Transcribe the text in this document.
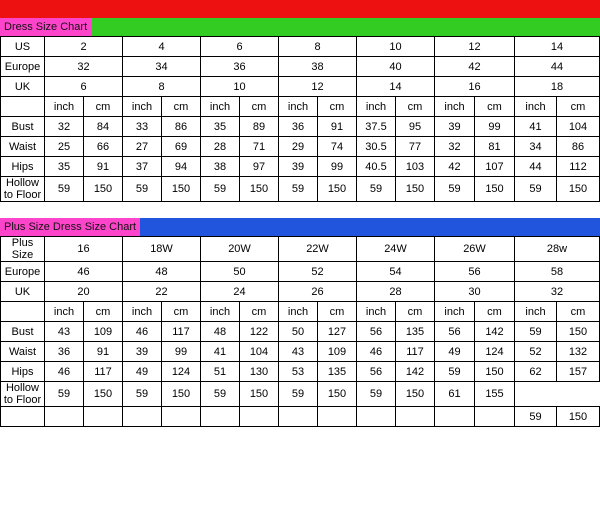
Dress Size Chart
US	2		4		6		8		10		12		14	
Europe	32		34		36		38		40		42		44	
UK	6		8		10		12		14		16		18	
	inch	cm	inch	cm	inch	cm	inch	cm	inch	cm	inch	cm	inch	cm
Bust	32	84	33	86	35	89	36	91	37.5	95	39	99	41	104
Waist	25	66	27	69	28	71	29	74	30.5	77	32	81	34	86
Hips	35	91	37	94	38	97	39	99	40.5	103	42	107	44	112

Hollow
to Floor	59	150	59	150	59	150	59	150	59	150	59	150	59	150

Plus Size Dress Size Chart
Plus
Size	16		18W		20W		22W		24W		26W		28w	

Europe	46		48		50		52		54		56		58	
UK	20		22		24		26		28		30		32	
	inch	cm	inch	cm	inch	cm	inch	cm	inch	cm	inch	cm	inch	cm
Bust	43	109	46	117	48	122	50	127	56	135	56	142	59	150
Waist	36	91	39	99	41	104	43	109	46	117	49	124	52	132
Hips	46	117	49	124	51	130	53	135	56	142	59	150	62	157

Hollow
to Floor	59	150	59	150	59	150	59	150	59	150	61	155		

													59	150
